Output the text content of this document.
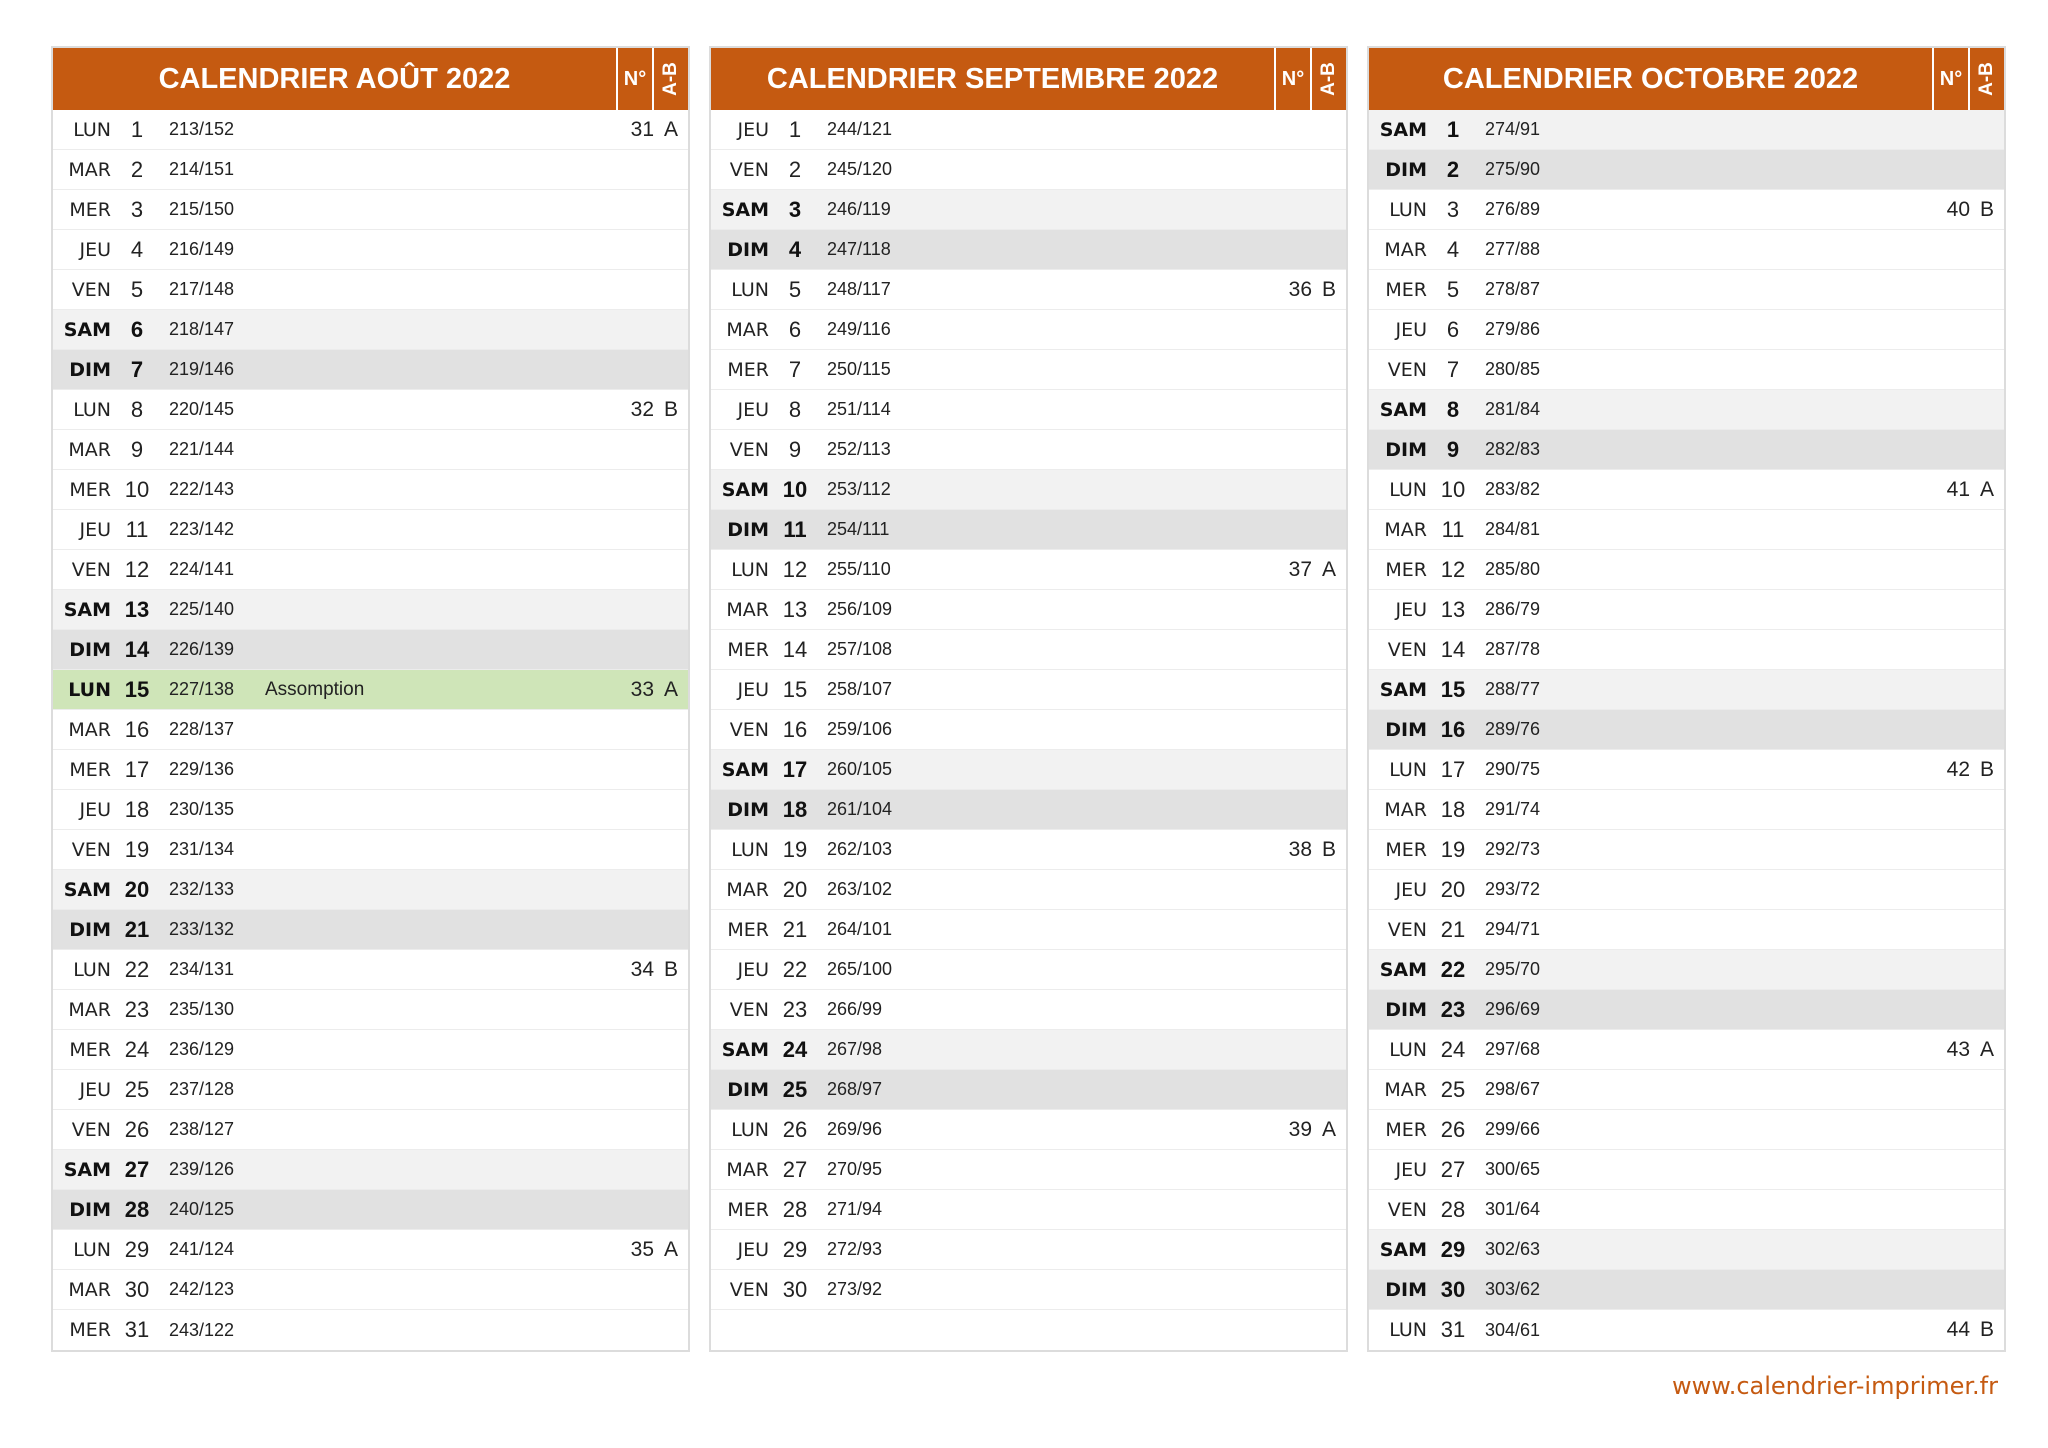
CALENDRIER AOÛT 2022	N° A-B
LUN 1	213/152	31 A
MAR 2	214/151
MER 3	215/150
JEU 4	216/149
VEN 5	217/148
SAM 6	218/147
DIM 7	219/146
LUN 8	220/145	32 B
MAR 9	221/144
MER 10	222/143
JEU 11	223/142
VEN 12	224/141
SAM 13	225/140
DIM 14	226/139
LUN 15	227/138	Assomption	33 A
MAR 16	228/137
MER 17	229/136
JEU 18	230/135
VEN 19	231/134
SAM 20	232/133
DIM 21	233/132
LUN 22	234/131	34 B
MAR 23	235/130
MER 24	236/129
JEU 25	237/128
VEN 26	238/127
SAM 27	239/126
DIM 28	240/125
LUN 29	241/124	35 A
MAR 30	242/123
MER 31	243/122
CALENDRIER SEPTEMBRE 2022	N° A-B
JEU 1	244/121
VEN 2	245/120
SAM 3	246/119
DIM 4	247/118
LUN 5	248/117	36 B
MAR 6	249/116
MER 7	250/115
JEU 8	251/114
VEN 9	252/113
SAM 10	253/112
DIM 11	254/111
LUN 12	255/110	37 A
MAR 13	256/109
MER 14	257/108
JEU 15	258/107
VEN 16	259/106
SAM 17	260/105
DIM 18	261/104
LUN 19	262/103	38 B
MAR 20	263/102
MER 21	264/101
JEU 22	265/100
VEN 23	266/99
SAM 24	267/98
DIM 25	268/97
LUN 26	269/96	39 A
MAR 27	270/95
MER 28	271/94
JEU 29	272/93
VEN 30	273/92
CALENDRIER OCTOBRE 2022	N° A-B
SAM 1	274/91
DIM 2	275/90
LUN 3	276/89	40 B
MAR 4	277/88
MER 5	278/87
JEU 6	279/86
VEN 7	280/85
SAM 8	281/84
DIM 9	282/83
LUN 10	283/82	41 A
MAR 11	284/81
MER 12	285/80
JEU 13	286/79
VEN 14	287/78
SAM 15	288/77
DIM 16	289/76
LUN 17	290/75	42 B
MAR 18	291/74
MER 19	292/73
JEU 20	293/72
VEN 21	294/71
SAM 22	295/70
DIM 23	296/69
LUN 24	297/68	43 A
MAR 25	298/67
MER 26	299/66
JEU 27	300/65
VEN 28	301/64
SAM 29	302/63
DIM 30	303/62
LUN 31	304/61	44 B
www.calendrier-imprimer.fr
